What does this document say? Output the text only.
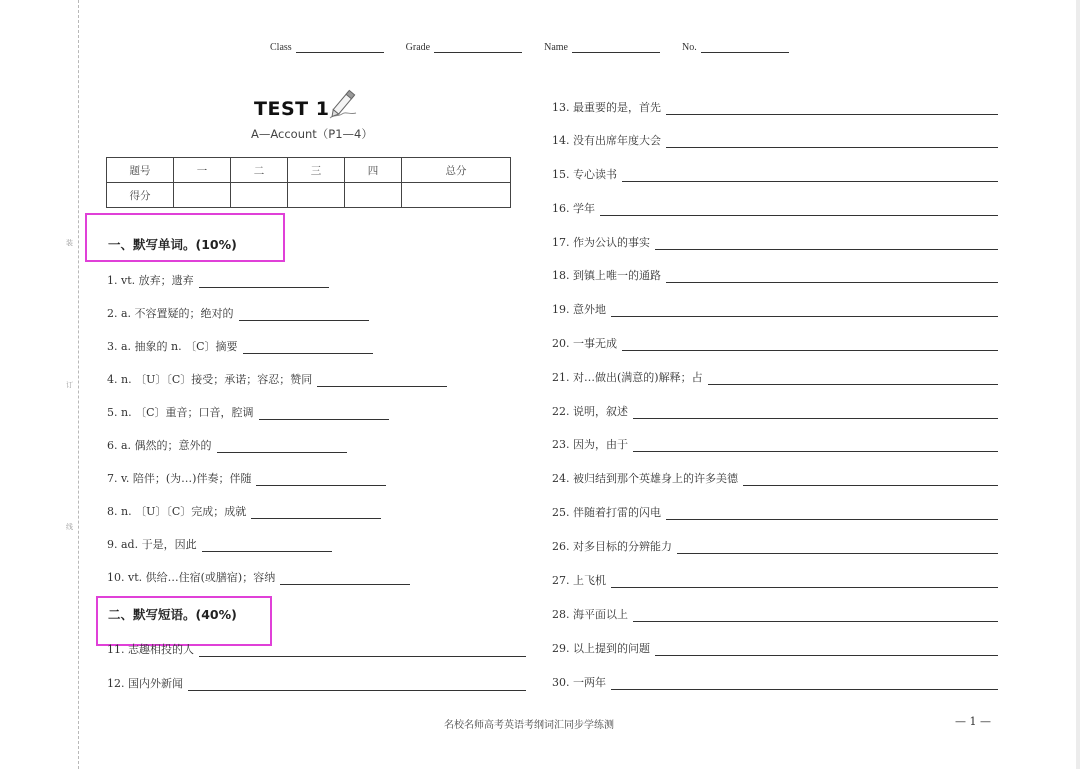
装
订
线
Class	Grade	Name	No.
TEST 1
A—Account（P1—4）
题号	一	二	三	四	总分
得分					
一、默写单词。(10%)
1. vt. 放弃；遗弃
2. a. 不容置疑的；绝对的
3. a. 抽象的 n. 〔C〕摘要
4. n. 〔U〕〔C〕接受；承诺；容忍；赞同
5. n. 〔C〕重音；口音，腔调
6. a. 偶然的；意外的
7. v. 陪伴；(为…)伴奏；伴随
8. n. 〔U〕〔C〕完成；成就
9. ad. 于是，因此
10. vt. 供给…住宿(或膳宿)；容纳
二、默写短语。(40%)
11. 志趣相投的人
12. 国内外新闻
13. 最重要的是，首先
14. 没有出席年度大会
15. 专心读书
16. 学年
17. 作为公认的事实
18. 到镇上唯一的通路
19. 意外地
20. 一事无成
21. 对…做出(满意的)解释；占
22. 说明，叙述
23. 因为，由于
24. 被归结到那个英雄身上的许多美德
25. 伴随着打雷的闪电
26. 对多目标的分辨能力
27. 上飞机
28. 海平面以上
29. 以上提到的问题
30. 一两年
名校名师高考英语考纲词汇同步学练测	— 1 —
